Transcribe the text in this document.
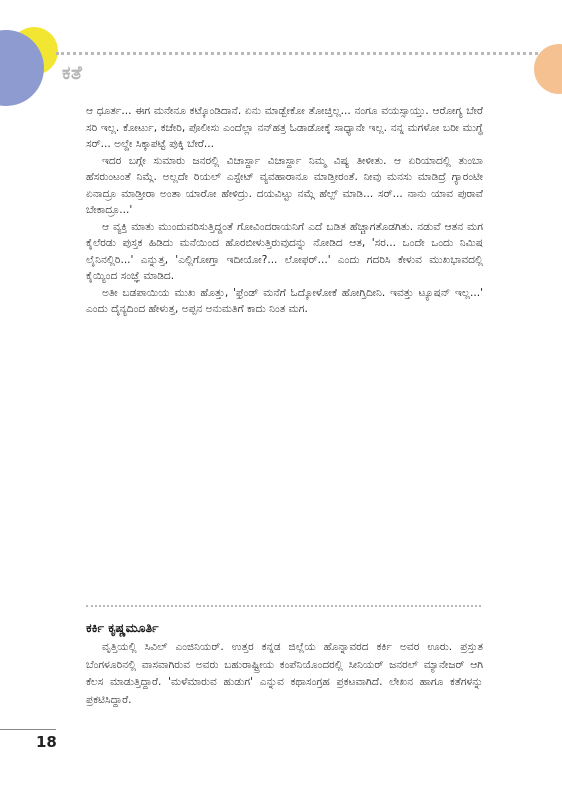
ಕತೆ

ಆ ಧೂರ್ತ... ಈಗ ಮನೇನೂ ಕಟ್ಕೊಂಡಿದಾನೆ. ಏನು ಮಾಡ್ಬೇಕೋ ತೋಚ್ತಿಲ್ಲ... ನಂಗೂ ವಯಸ್ಸಾಯ್ತು. ಆರೋಗ್ಯ ಬೇರೆ ಸರಿ ಇಲ್ಲ. ಕೋರ್ಟು, ಕಚೇರಿ, ಪೊಲೀಸು ಎಂದೆಲ್ಲಾ ನನ್‌ಹತ್ರ ಓಡಾಡೋಕ್ಕೆ ಸಾಧ್ಯಾನೇ ಇಲ್ಲ. ನನ್ನ ಮಗಳೋ ಬರೀ ಮುಗ್ಧೆ ಸರ್... ಅಲ್ದೇ ಸಿಕ್ಕಾಪಟ್ಟೆ ಪುಕ್ಕಿ ಬೇರೆ...

ಇದರ ಬಗ್ಗೇ ಸುಮಾರು ಜನರಲ್ಲಿ ವಿಚಾರ್ಸ್ದಾ ವಿಚಾರ್ಸ್ದಾ ನಿಮ್ಮ ವಿಷ್ಯ ತೀಳೀತು. ಆ ಏರಿಯಾದಲ್ಲಿ ತುಂಬಾ ಹೆಸರುಂಟಂತೆ ನಿಮ್ಗೆ. ಅಲ್ಲದೇ ರಿಯಲ್ ಎಸ್ಟೇಟ್ ವ್ಯವಹಾರಾನೂ ಮಾಡ್ತೀರಂತೆ. ನೀವು ಮನಸು ಮಾಡಿದ್ರೆ ಗ್ಯಾರಂಟೀ ಏನಾದ್ರೂ ಮಾಡ್ತೀರಾ ಅಂತಾ ಯಾರೋ ಹೇಳಿದ್ರು. ದಯವಿಟ್ಟು ನಮ್ಗೆ ಹೆಲ್ಪ್ ಮಾಡಿ... ಸರ್... ನಾನು ಯಾವ ಪುರಾವೆ ಬೇಕಾದ್ರೂ...'

ಆ ವ್ಯಕ್ತಿ ಮಾತು ಮುಂದುವರಿಸುತ್ತಿದ್ದಂತೆ ಗೋವಿಂದರಾಯನಿಗೆ ಎದೆ ಬಡಿತ ಹೆಚ್ಚಾಗತೊಡಗಿತು. ನಡುವೆ ಆತನ ಮಗ ಕೈಲೆರಡು ಪುಸ್ತಕ ಹಿಡಿದು ಮನೆಯಿಂದ ಹೊರಬೀಳುತ್ತಿರುವುದನ್ನು ನೋಡಿದ ಆತ, 'ಸರ... ಒಂದೇ ಒಂದು ನಿಮಿಷ ಲೈನಿನಲ್ಲಿರಿ...' ಎನ್ನುತ್ತ, 'ಎಲ್ಲಿಗೋಗ್ತಾ ಇದೀಯೋ?... ಲೋಫರ್...' ಎಂದು ಗದರಿಸಿ ಕೇಳುವ ಮುಖಭಾವದಲ್ಲಿ ಕೈಯ್ಯಿಂದ ಸಂಜ್ಞೆ ಮಾಡಿದ.

ಅತೀ ಬಡಪಾಯಿಯ ಮುಖ ಹೊತ್ತು, 'ಫ್ರೆಂಡ್ ಮನೆಗೆ ಓದ್ಕೋಳೋಕೆ ಹೋಗ್ತಿದೀನಿ. ಇವತ್ತು ಟ್ಯೂಷನ್ ಇಲ್ಲ...' ಎಂದು ದೈನ್ಯದಿಂದ ಹೇಳುತ್ತ, ಅಪ್ಪನ ಅನುಮತಿಗೆ ಕಾದು ನಿಂತ ಮಗ.

ಕರ್ಕಿ ಕೃಷ್ಣಮೂರ್ತಿ

ವೃತ್ತಿಯಲ್ಲಿ ಸಿವಿಲ್ ಎಂಜಿನಿಯರ್. ಉತ್ತರ ಕನ್ನಡ ಜಿಲ್ಲೆಯ ಹೊನ್ನಾವರದ ಕರ್ಕಿ ಅವರ ಊರು. ಪ್ರಸ್ತುತ ಬೆಂಗಳೂರಿನಲ್ಲಿ ವಾಸವಾಗಿರುವ ಅವರು ಬಹುರಾಷ್ಟ್ರೀಯ ಕಂಪೆನಿಯೊಂದರಲ್ಲಿ ಸೀನಿಯರ್ ಜನರಲ್ ಮ್ಯಾನೇಜರ್ ಆಗಿ ಕೆಲಸ ಮಾಡುತ್ತಿದ್ದಾರೆ. 'ಮಳೆಮಾರುವ ಹುಡುಗ' ಎನ್ನುವ ಕಥಾಸಂಗ್ರಹ ಪ್ರಕಟವಾಗಿದೆ. ಲೇಖನ ಹಾಗೂ ಕತೆಗಳನ್ನು ಪ್ರಕಟಿಸಿದ್ದಾರೆ.

18
